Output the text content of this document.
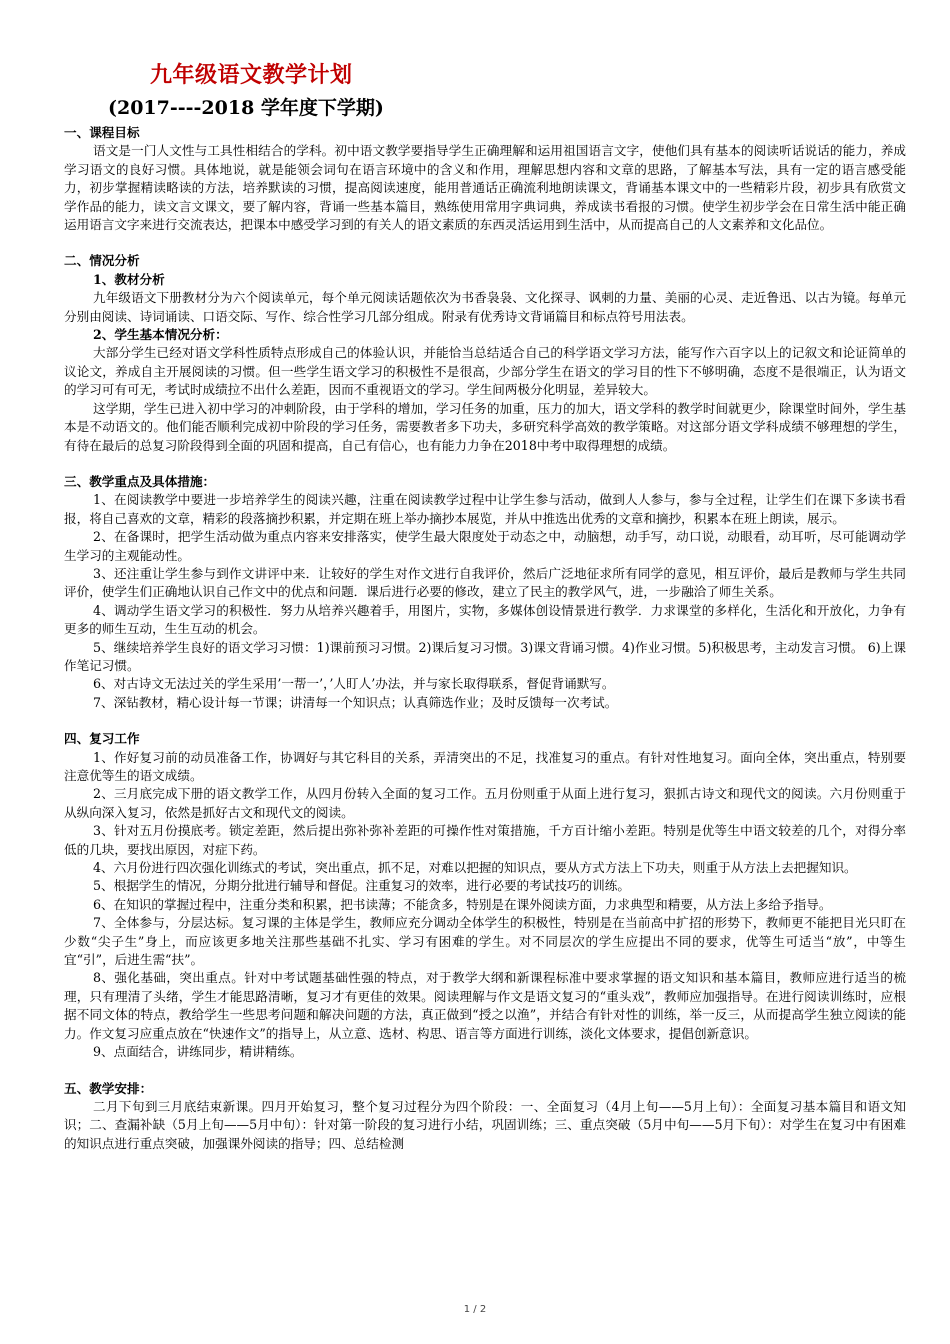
九年级语文教学计划
(2017----2018 学年度下学期)
一、课程目标

语文是一门人文性与工具性相结合的学科。初中语文教学要指导学生正确理解和运用祖国语言文字，使他们具有基本的阅读听话说话的能力，养成学习语文的良好习惯。具体地说，就是能领会词句在语言环境中的含义和作用，理解思想内容和文章的思路，了解基本写法，具有一定的语言感受能力，初步掌握精读略读的方法，培养默读的习惯，提高阅读速度，能用普通话正确流利地朗读课文，背诵基本课文中的一些精彩片段，初步具有欣赏文学作品的能力，读文言文课文，要了解内容，背诵一些基本篇目，熟练使用常用字典词典，养成读书看报的习惯。使学生初步学会在日常生活中能正确运用语言文字来进行交流表达，把课本中感受学习到的有关人的语文素质的东西灵活运用到生活中，从而提高自己的人文素养和文化品位。

二、情况分析
1、教材分析

九年级语文下册教材分为六个阅读单元，每个单元阅读话题依次为书香袅袅、文化探寻、讽刺的力量、美丽的心灵、走近鲁迅、以古为镜。每单元分别由阅读、诗词诵读、口语交际、写作、综合性学习几部分组成。附录有优秀诗文背诵篇目和标点符号用法表。

2、学生基本情况分析：

大部分学生已经对语文学科性质特点形成自己的体验认识，并能恰当总结适合自己的科学语文学习方法，能写作六百字以上的记叙文和论证简单的议论文，养成自主开展阅读的习惯。但一些学生语文学习的积极性不是很高，少部分学生在语文的学习目的性下不够明确，态度不是很端正，认为语文的学习可有可无，考试时成绩拉不出什么差距，因而不重视语文的学习。学生间两极分化明显，差异较大。

这学期，学生已进入初中学习的冲刺阶段，由于学科的增加，学习任务的加重，压力的加大，语文学科的教学时间就更少，除课堂时间外，学生基本是不动语文的。他们能否顺利完成初中阶段的学习任务，需要教者多下功夫，多研究科学高效的教学策略。对这部分语文学科成绩不够理想的学生，有待在最后的总复习阶段得到全面的巩固和提高，自己有信心，也有能力力争在2018中考中取得理想的成绩。

三、教学重点及具体措施：

1、在阅读教学中要进一步培养学生的阅读兴趣，注重在阅读教学过程中让学生参与活动，做到人人参与，参与全过程，让学生们在课下多读书看报，将自己喜欢的文章，精彩的段落摘抄积累，并定期在班上举办摘抄本展览，并从中推选出优秀的文章和摘抄，积累本在班上朗读，展示。

2、在备课时，把学生活动做为重点内容来安排落实，使学生最大限度处于动态之中，动脑想，动手写，动口说，动眼看，动耳听，尽可能调动学生学习的主观能动性。

3、还注重让学生参与到作文讲评中来．让较好的学生对作文进行自我评价，然后广泛地征求所有同学的意见，相互评价，最后是教师与学生共同评价，使学生们正确地认识自己作文中的优点和问题．课后进行必要的修改，建立了民主的教学风气，进，一步融洽了师生关系。

4、调动学生语文学习的积极性．努力从培养兴趣着手，用图片，实物，多媒体创设情景进行教学．力求课堂的多样化，生活化和开放化，力争有更多的师生互动，生生互动的机会。

5、继续培养学生良好的语文学习习惯：1)课前预习习惯。2)课后复习习惯。3)课文背诵习惯。4)作业习惯。5)积极思考，主动发言习惯。 6)上课作笔记习惯。

6、对古诗文无法过关的学生采用’一帮一’，’人盯人’办法，并与家长取得联系，督促背诵默写。

7、深钻教材，精心设计每一节课；讲清每一个知识点；认真筛选作业；及时反馈每一次考试。

四、复习工作

1、作好复习前的动员准备工作，协调好与其它科目的关系，弄清突出的不足，找准复习的重点。有针对性地复习。面向全体，突出重点，特别要注意优等生的语文成绩。

2、三月底完成下册的语文教学工作，从四月份转入全面的复习工作。五月份则重于从面上进行复习，狠抓古诗文和现代文的阅读。六月份则重于从纵向深入复习，依然是抓好古文和现代文的阅读。

3、针对五月份摸底考。锁定差距，然后提出弥补弥补差距的可操作性对策措施，千方百计缩小差距。特别是优等生中语文较差的几个，对得分率低的几块，要找出原因，对症下药。

4、六月份进行四次强化训练式的考试，突出重点，抓不足，对难以把握的知识点，要从方式方法上下功夫，则重于从方法上去把握知识。

5、根据学生的情况，分期分批进行辅导和督促。注重复习的效率，进行必要的考试技巧的训练。

6、在知识的掌握过程中，注重分类和积累，把书读薄；不能贪多，特别是在课外阅读方面，力求典型和精要，从方法上多给予指导。

7、全体参与，分层达标。复习课的主体是学生，教师应充分调动全体学生的积极性，特别是在当前高中扩招的形势下，教师更不能把目光只盯在少数“尖子生”身上，而应该更多地关注那些基础不扎实、学习有困难的学生。对不同层次的学生应提出不同的要求，优等生可适当“放”，中等生宜“引”，后进生需“扶”。

8、强化基础，突出重点。针对中考试题基础性强的特点，对于教学大纲和新课程标准中要求掌握的语文知识和基本篇目，教师应进行适当的梳理，只有理清了头绪，学生才能思路清晰，复习才有更佳的效果。阅读理解与作文是语文复习的“重头戏”，教师应加强指导。在进行阅读训练时，应根据不同文体的特点，教给学生一些思考问题和解决问题的方法，真正做到“授之以渔”，并结合有针对性的训练，举一反三，从而提高学生独立阅读的能力。作文复习应重点放在“快速作文”的指导上，从立意、选材、构思、语言等方面进行训练，淡化文体要求，提倡创新意识。

9、点面结合，讲练同步，精讲精练。

五、教学安排：

二月下旬到三月底结束新课。四月开始复习，整个复习过程分为四个阶段：一、全面复习（4月上旬——5月上旬）：全面复习基本篇目和语文知识；二、查漏补缺（5月上旬——5月中旬）：针对第一阶段的复习进行小结，巩固训练；三、重点突破（5月中旬——5月下旬）：对学生在复习中有困难的知识点进行重点突破，加强课外阅读的指导；四、总结检测

1 / 2
